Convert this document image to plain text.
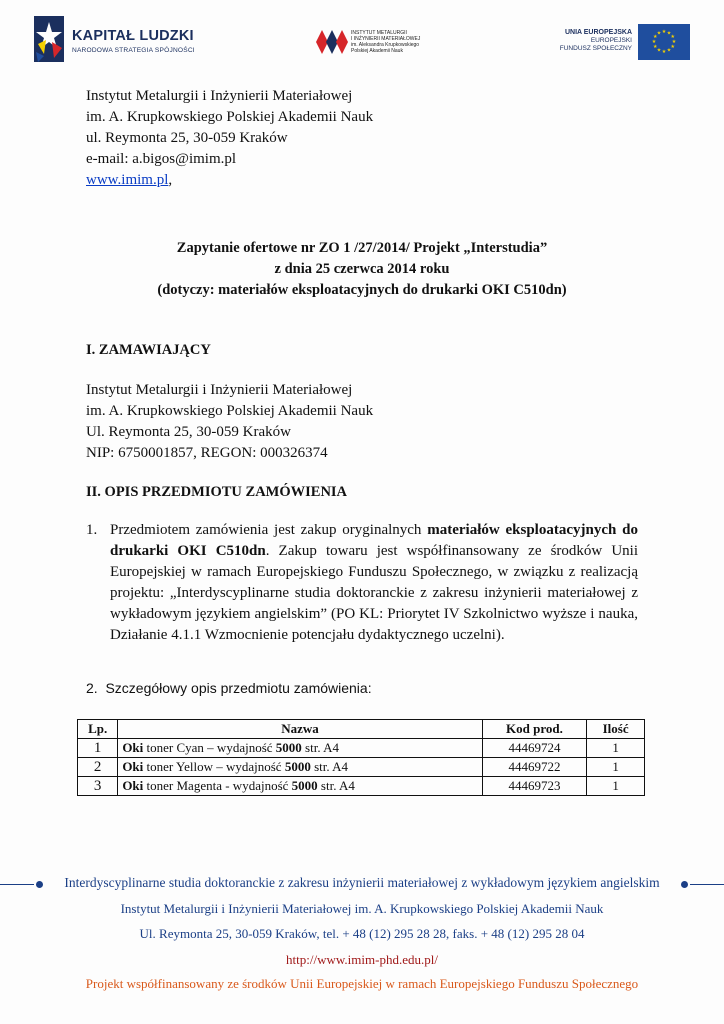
KAPITAŁ LUDZKI
NARODOWA STRATEGIA SPÓJNOŚCI
INSTYTUT METALURGII
I INŻYNIERII MATERIAŁOWEJ
im. Aleksandra Krupkowskiego
Polskiej Akademii Nauk
UNIA EUROPEJSKA
EUROPEJSKI
FUNDUSZ SPOŁECZNY
★ ★
★
★
★
★
★
★
★
★
★
★
Instytut Metalurgii i Inżynierii Materiałowej
im. A. Krupkowskiego Polskiej Akademii Nauk
ul. Reymonta 25, 30-059 Kraków
e-mail: a.bigos@imim.pl
www.imim.pl,
Zapytanie ofertowe nr ZO 1 /27/2014/ Projekt „Interstudia”
z dnia 25 czerwca 2014 roku
(dotyczy: materiałów eksploatacyjnych do drukarki OKI C510dn)
I. ZAMAWIAJĄCY
Instytut Metalurgii i Inżynierii Materiałowej
im. A. Krupkowskiego Polskiej Akademii Nauk
Ul. Reymonta 25, 30-059 Kraków
NIP: 6750001857, REGON: 000326374
II. OPIS PRZEDMIOTU ZAMÓWIENIA
1. Przedmiotem zamówienia jest zakup oryginalnych materiałów eksploatacyjnych do drukarki OKI C510dn. Zakup towaru jest współfinansowany ze środków Unii Europejskiej w ramach Europejskiego Funduszu Społecznego, w związku z realizacją projektu: „Interdyscyplinarne studia doktoranckie z zakresu inżynierii materiałowej z wykładowym językiem angielskim” (PO KL: Priorytet IV Szkolnictwo wyższe i nauka, Działanie 4.1.1 Wzmocnienie potencjału dydaktycznego uczelni).
2. Szczegółowy opis przedmiotu zamówienia:
Lp.	Nazwa	Kod prod.	Ilość
1	Oki toner Cyan – wydajność 5000 str. A4	44469724	1
2	Oki toner Yellow – wydajność 5000 str. A4	44469722	1
3	Oki toner Magenta - wydajność 5000 str. A4	44469723	1
Interdyscyplinarne studia doktoranckie z zakresu inżynierii materiałowej z wykładowym językiem angielskim
Instytut Metalurgii i Inżynierii Materiałowej im. A. Krupkowskiego Polskiej Akademii Nauk
Ul. Reymonta 25, 30-059 Kraków, tel. + 48 (12) 295 28 28, faks. + 48 (12) 295 28 04
http://www.imim-phd.edu.pl/
Projekt współfinansowany ze środków Unii Europejskiej w ramach Europejskiego Funduszu Społecznego
